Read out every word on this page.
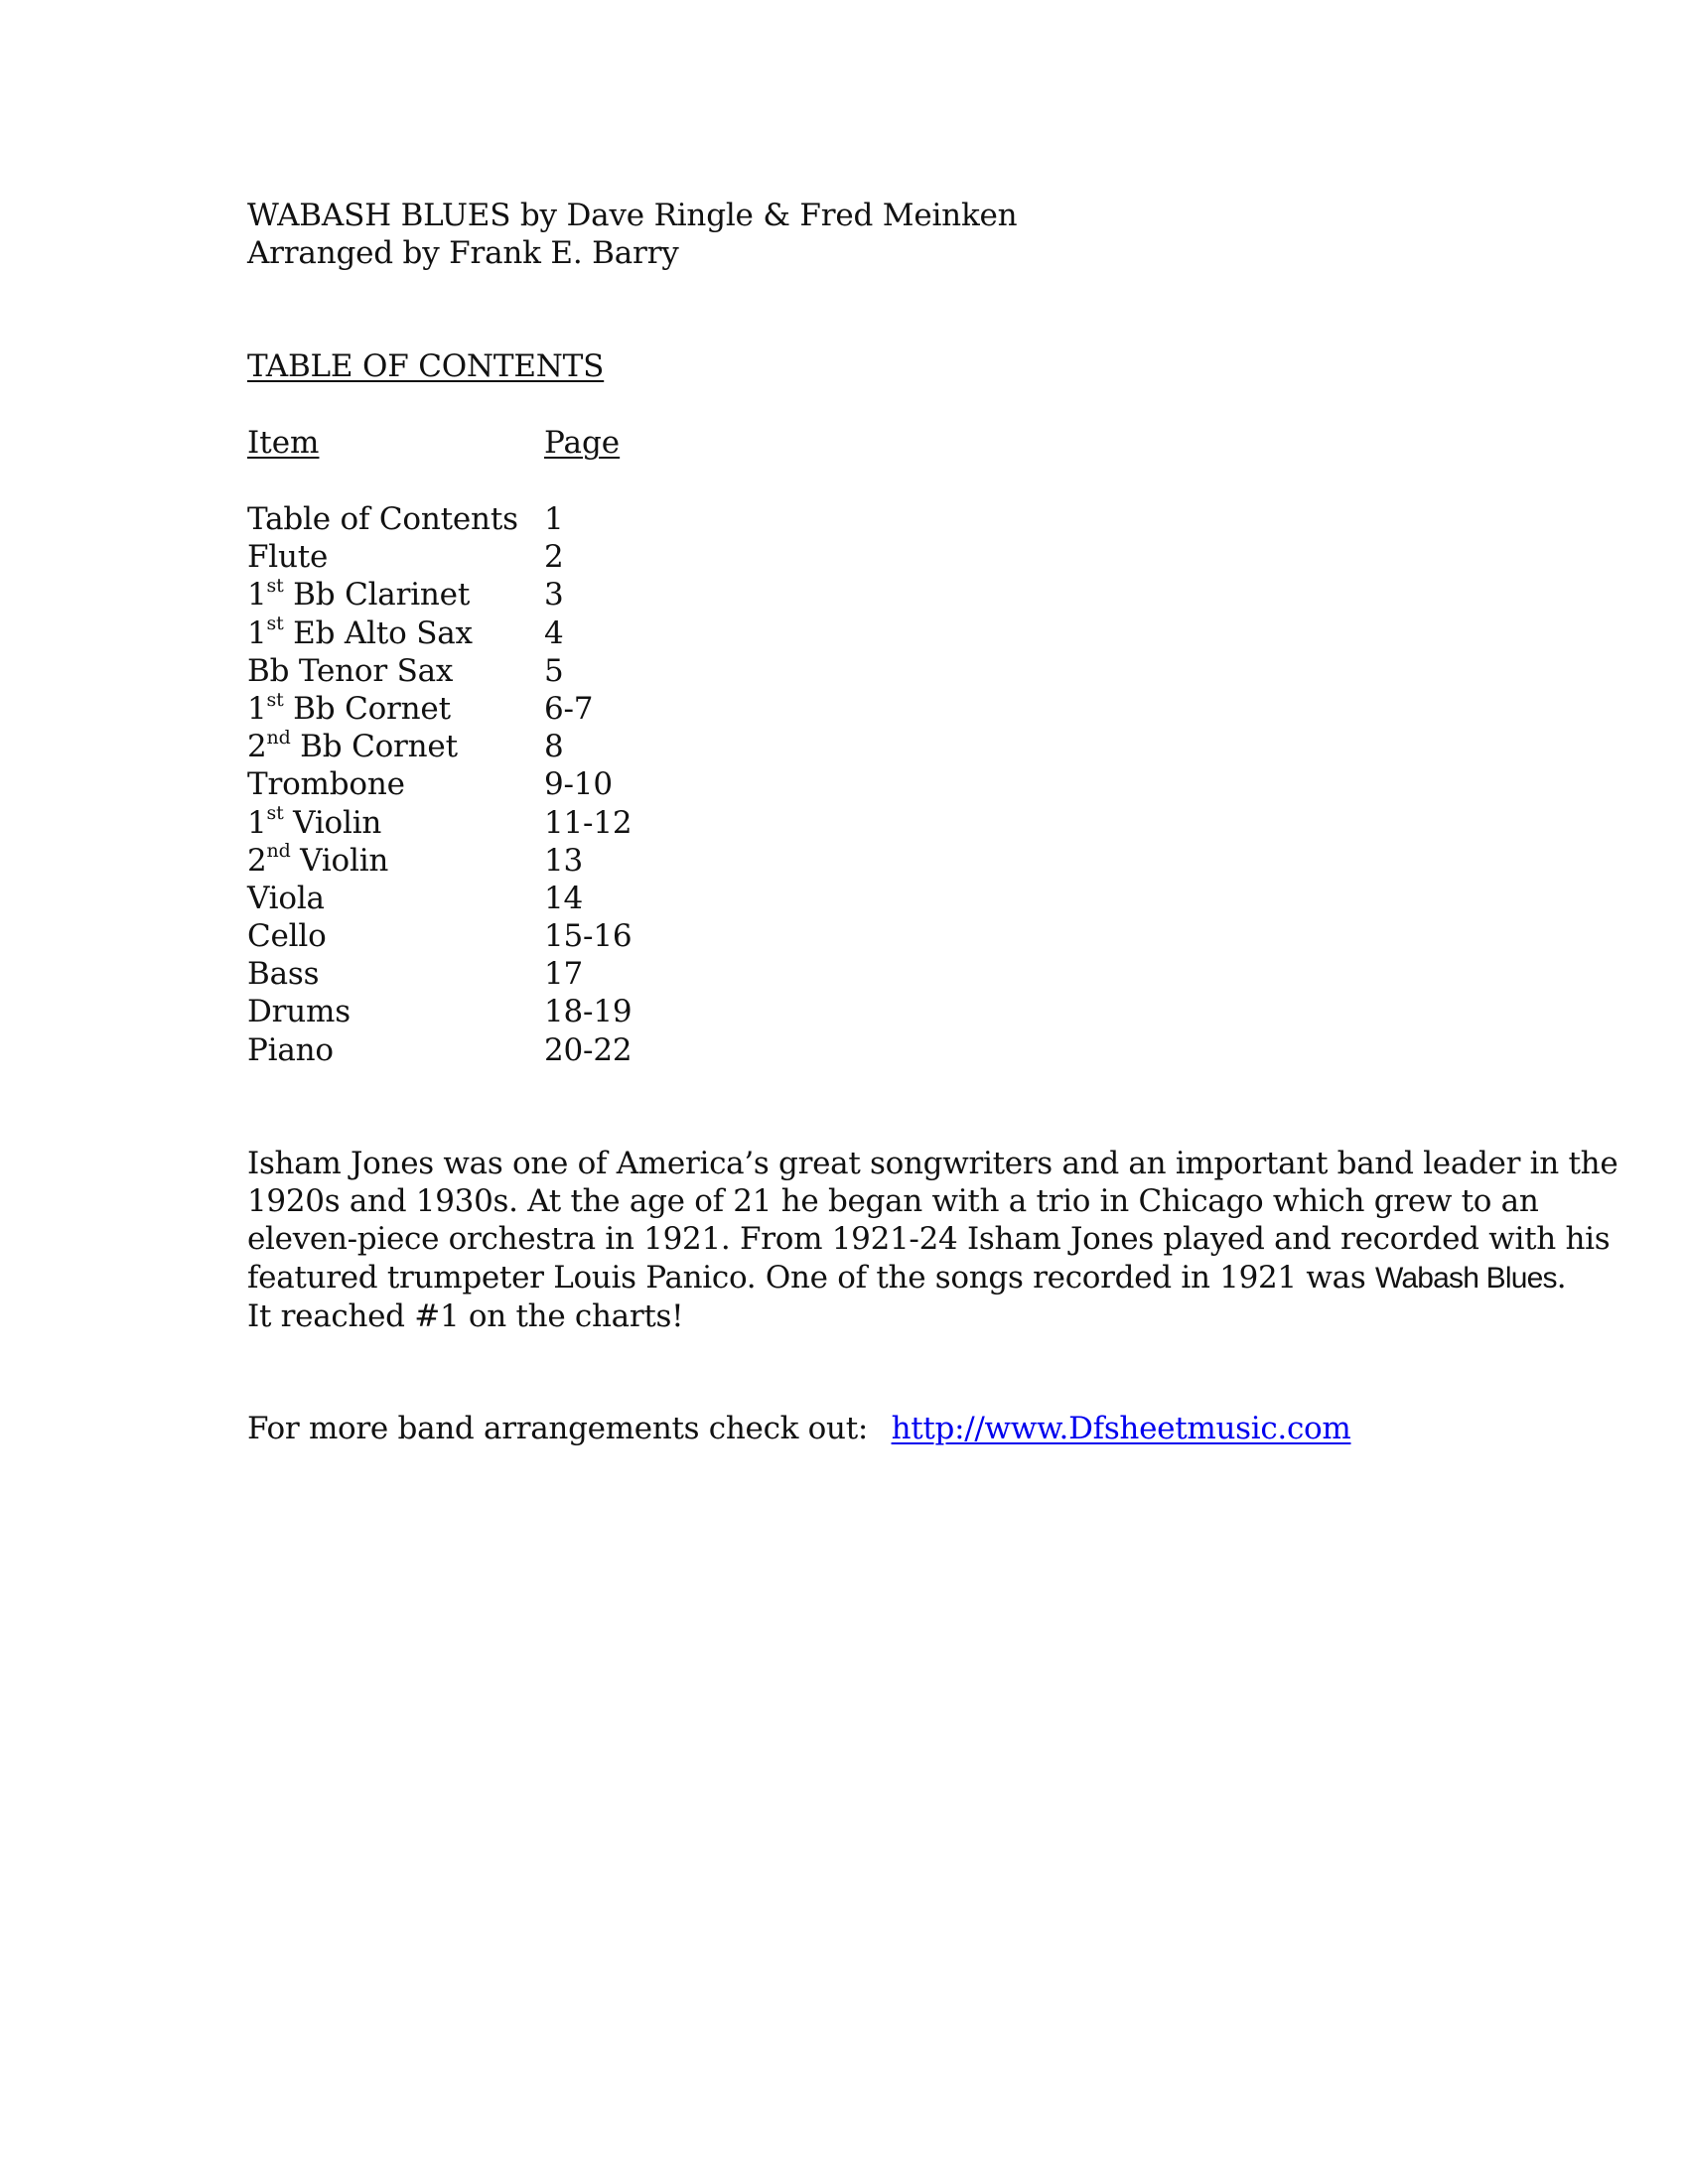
WABASH BLUES by Dave Ringle & Fred Meinken
Arranged by Frank E. Barry
TABLE OF CONTENTS
Item	Page
Table of Contents 1
Flute	2
1st Bb Clarinet 3
1st Eb Alto Sax 4
Bb Tenor Sax	5
1st Bb Cornet	6-7
2nd Bb Cornet	8
Trombone	9-10
1st Violin	11-12
2nd Violin	13
Viola	14
Cello	15-16
Bass	17
Drums	18-19
Piano	20-22
Isham Jones was one of America’s great songwriters and an important band leader in the
1920s and 1930s. At the age of 21 he began with a trio in Chicago which grew to an
eleven-piece orchestra in 1921. From 1921-24 Isham Jones played and recorded with his
featured trumpeter Louis Panico. One of the songs recorded in 1921 was Wabash Blues.
It reached #1 on the charts!
For more band arrangements check out: http://www.Dfsheetmusic.com
